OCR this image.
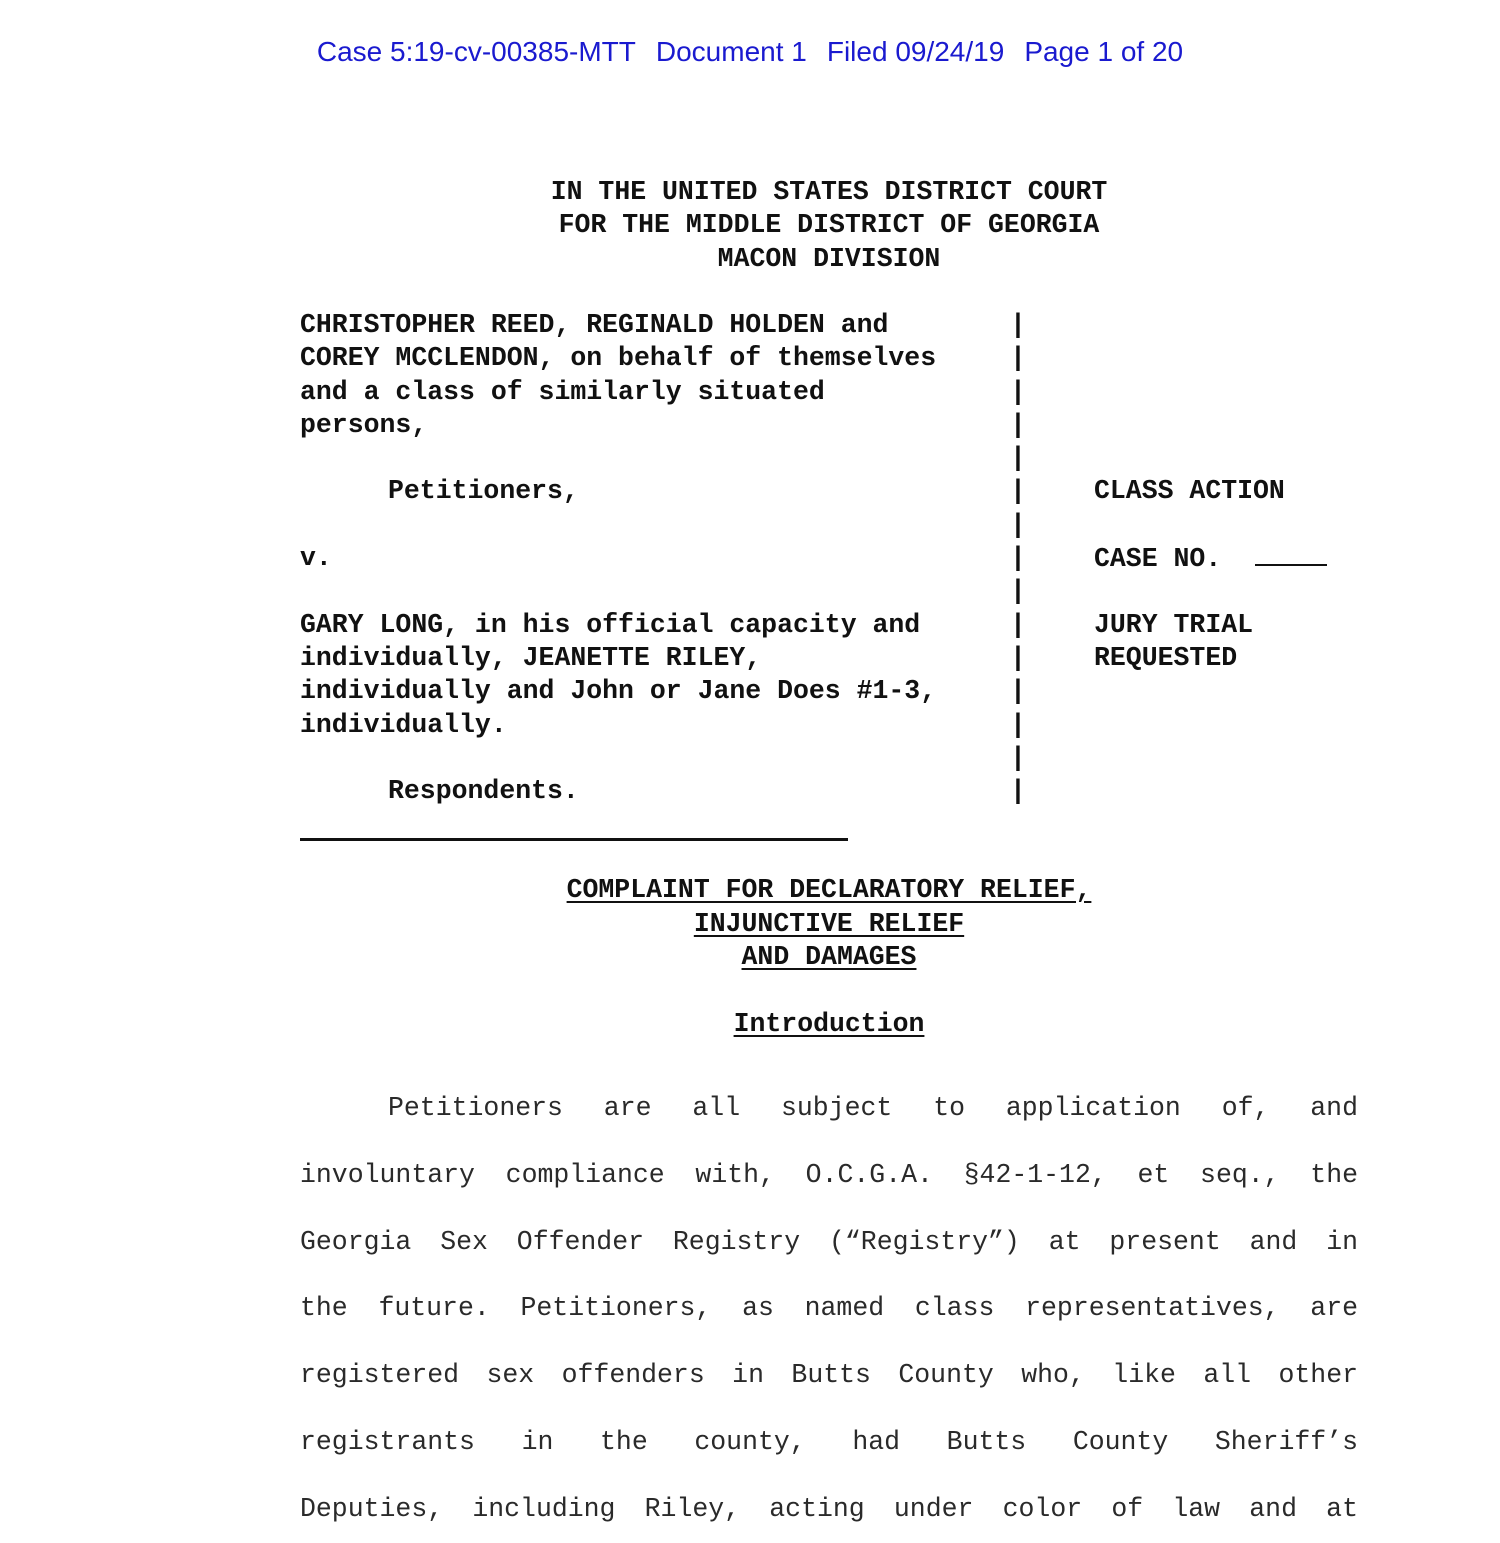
Case 5:19-cv-00385-MTT Document 1 Filed 09/24/19 Page 1 of 20
IN THE UNITED STATES DISTRICT COURT
FOR THE MIDDLE DISTRICT OF GEORGIA
MACON DIVISION

CHRISTOPHER REED, REGINALD HOLDEN and

	|

COREY MCCLENDON, on behalf of themselves

	|

and a class of similarly situated

	|

persons,

	|

|

Petitioners,

	|

	CLASS ACTION

|

v.

	|

	CASE NO.

|

GARY LONG, in his official capacity and

	|

	JURY TRIAL

individually, JEANETTE RILEY,

	|

	REQUESTED

individually and John or Jane Does #1-3,

	|

individually.

	|

|

Respondents.

	|

COMPLAINT FOR DECLARATORY RELIEF,
INJUNCTIVE RELIEF
AND DAMAGES
Introduction
Petitioners are all subject to application of, and
involuntary compliance with, O.C.G.A. §42-1-12, et seq., the
Georgia Sex Offender Registry (“Registry”) at present and in
the future. Petitioners, as named class representatives, are
registered sex offenders in Butts County who, like all other
registrants in the county, had Butts County Sheriff’s
Deputies, including Riley, acting under color of law and at
